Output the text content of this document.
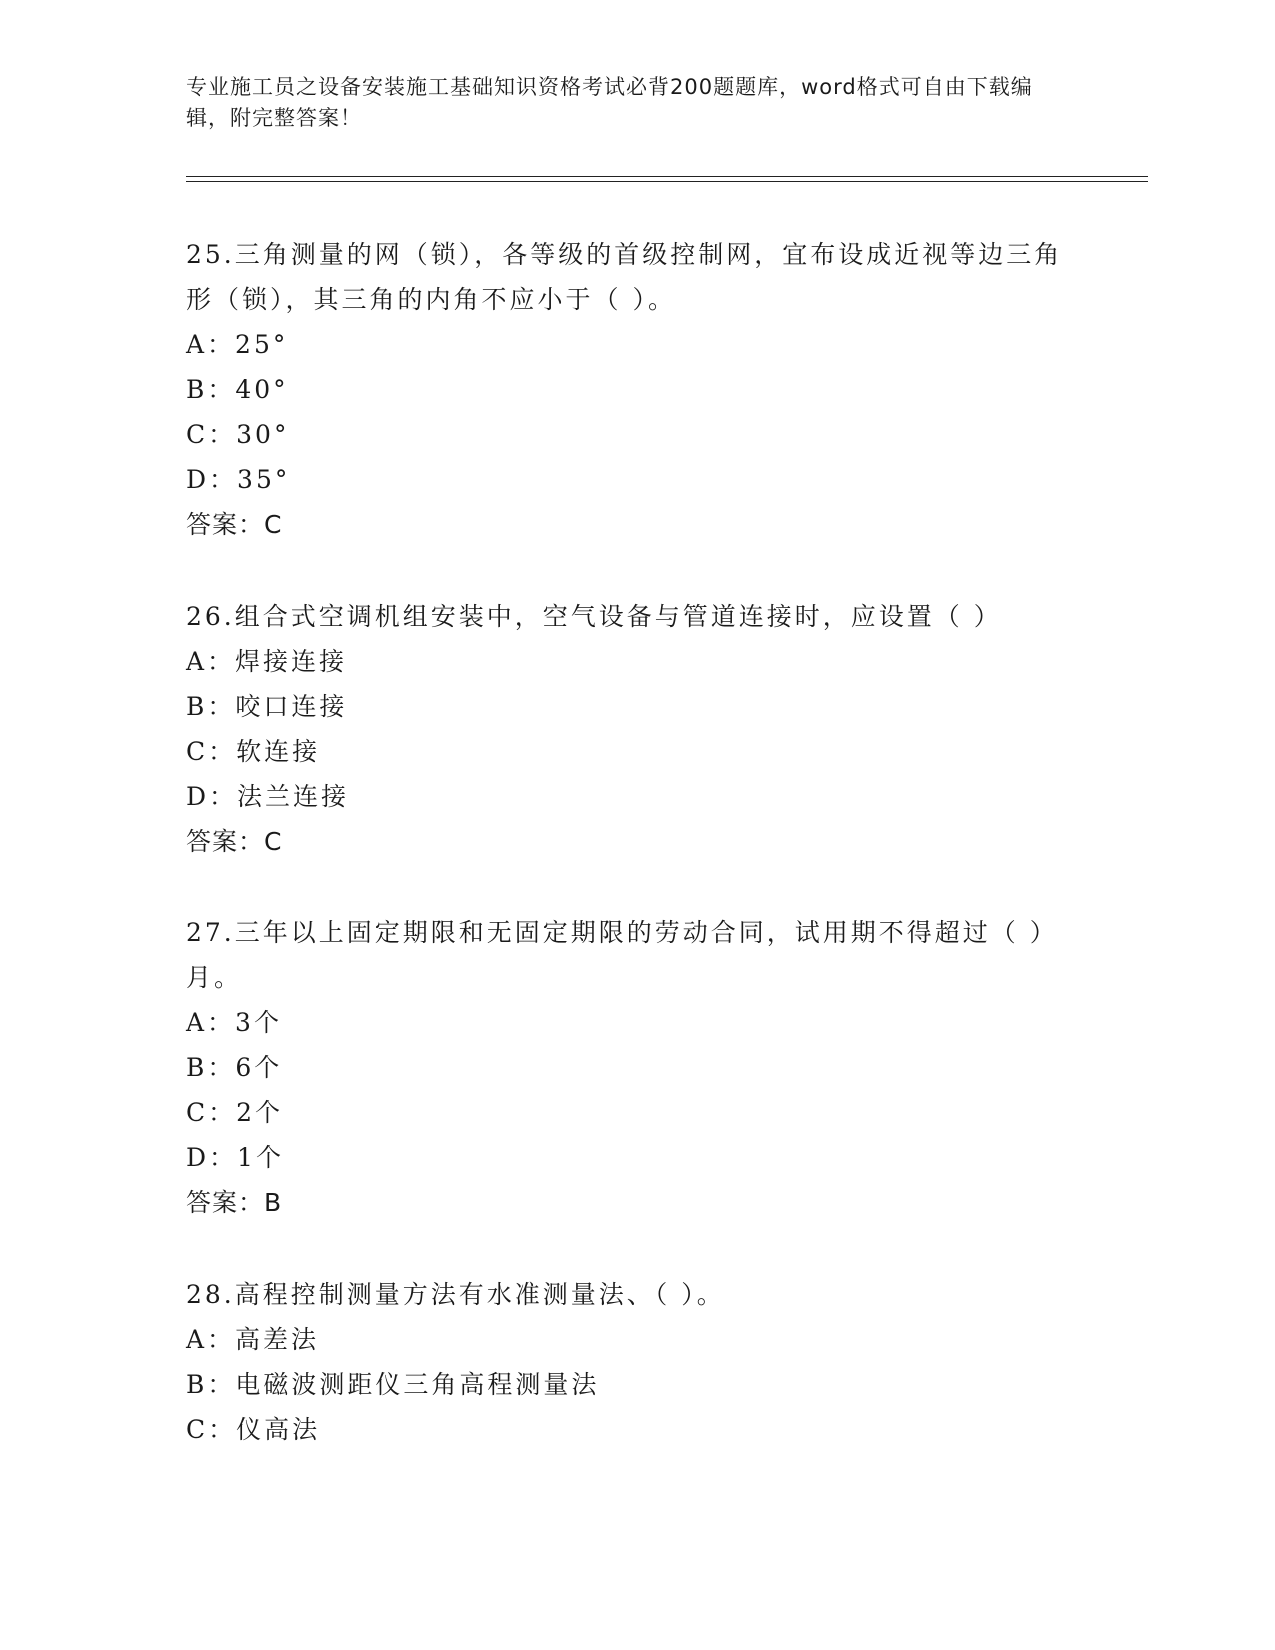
专业施工员之设备安装施工基础知识资格考试必背200题题库，word格式可自由下载编辑，附完整答案！

25.三角测量的网（锁），各等级的首级控制网，宜布设成近视等边三角形（锁），其三角的内角不应小于（ ）。

A：25°

B：40°

C：30°

D：35°

答案：C

26.组合式空调机组安装中，空气设备与管道连接时，应设置（ ）

A：焊接连接

B：咬口连接

C：软连接

D：法兰连接

答案：C

27.三年以上固定期限和无固定期限的劳动合同，试用期不得超过（ ）月。

A：3个

B：6个

C：2个

D：1个

答案：B

28.高程控制测量方法有水准测量法、（ ）。

A：高差法

B：电磁波测距仪三角高程测量法

C：仪高法
